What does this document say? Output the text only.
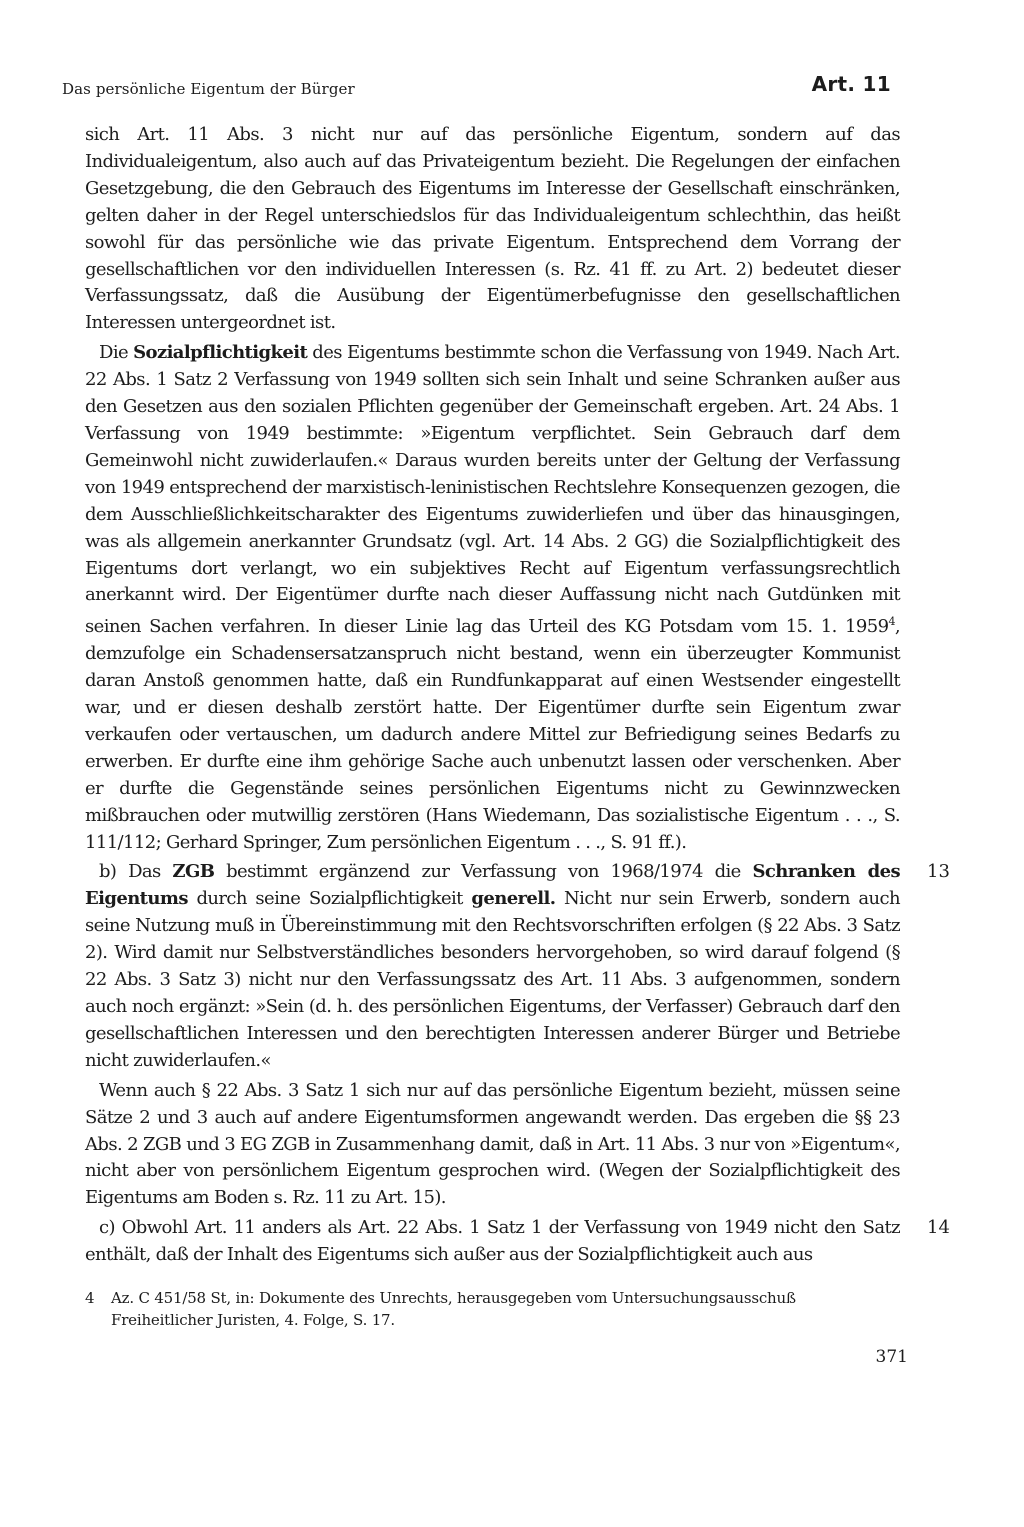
Das persönliche Eigentum der Bürger	Art. 11

sich Art. 11 Abs. 3 nicht nur auf das persönliche Eigentum, sondern auf das Individualeigentum, also auch auf das Privateigentum bezieht. Die Regelungen der einfachen Gesetzgebung, die den Gebrauch des Eigentums im Interesse der Gesellschaft einschränken, gelten daher in der Regel unterschiedslos für das Individualeigentum schlechthin, das heißt sowohl für das persönliche wie das private Eigentum. Entsprechend dem Vorrang der gesellschaftlichen vor den individuellen Interessen (s. Rz. 41 ff. zu Art. 2) bedeutet dieser Verfassungssatz, daß die Ausübung der Eigentümerbefugnisse den gesellschaftlichen Interessen untergeordnet ist.

Die Sozialpflichtigkeit des Eigentums bestimmte schon die Verfassung von 1949. Nach Art. 22 Abs. 1 Satz 2 Verfassung von 1949 sollten sich sein Inhalt und seine Schranken außer aus den Gesetzen aus den sozialen Pflichten gegenüber der Gemeinschaft ergeben. Art. 24 Abs. 1 Verfassung von 1949 bestimmte: »Eigentum verpflichtet. Sein Gebrauch darf dem Gemeinwohl nicht zuwiderlaufen.« Daraus wurden bereits unter der Geltung der Verfassung von 1949 entsprechend der marxistisch-leninistischen Rechtslehre Konsequenzen gezogen, die dem Ausschließlichkeitscharakter des Eigentums zuwiderliefen und über das hinausgingen, was als allgemein anerkannter Grundsatz (vgl. Art. 14 Abs. 2 GG) die Sozialpflichtigkeit des Eigentums dort verlangt, wo ein subjektives Recht auf Eigentum verfassungsrechtlich anerkannt wird. Der Eigentümer durfte nach dieser Auffassung nicht nach Gutdünken mit seinen Sachen verfahren. In dieser Linie lag das Urteil des KG Potsdam vom 15. 1. 1959$^4$, demzufolge ein Schadensersatzanspruch nicht bestand, wenn ein überzeugter Kommunist daran Anstoß genommen hatte, daß ein Rundfunkapparat auf einen Westsender eingestellt war, und er diesen deshalb zerstört hatte. Der Eigentümer durfte sein Eigentum zwar verkaufen oder vertauschen, um dadurch andere Mittel zur Befriedigung seines Bedarfs zu erwerben. Er durfte eine ihm gehörige Sache auch unbenutzt lassen oder verschenken. Aber er durfte die Gegenstände seines persönlichen Eigentums nicht zu Gewinnzwecken mißbrauchen oder mutwillig zerstören (Hans Wiedemann, Das sozialistische Eigentum . . ., S. 111/112; Gerhard Springer, Zum persönlichen Eigentum . . ., S. 91 ff.).

13
b) Das ZGB bestimmt ergänzend zur Verfassung von 1968/1974 die Schranken des Eigentums durch seine Sozialpflichtigkeit generell. Nicht nur sein Erwerb, sondern auch seine Nutzung muß in Übereinstimmung mit den Rechtsvorschriften erfolgen (§ 22 Abs. 3 Satz 2). Wird damit nur Selbstverständliches besonders hervorgehoben, so wird darauf folgend (§ 22 Abs. 3 Satz 3) nicht nur den Verfassungssatz des Art. 11 Abs. 3 aufgenommen, sondern auch noch ergänzt: »Sein (d. h. des persönlichen Eigentums, der Verfasser) Gebrauch darf den gesellschaftlichen Interessen und den berechtigten Interessen anderer Bürger und Betriebe nicht zuwiderlaufen.«

Wenn auch § 22 Abs. 3 Satz 1 sich nur auf das persönliche Eigentum bezieht, müssen seine Sätze 2 und 3 auch auf andere Eigentumsformen angewandt werden. Das ergeben die §§ 23 Abs. 2 ZGB und 3 EG ZGB in Zusammenhang damit, daß in Art. 11 Abs. 3 nur von »Eigentum«, nicht aber von persönlichem Eigentum gesprochen wird. (Wegen der Sozialpflichtigkeit des Eigentums am Boden s. Rz. 11 zu Art. 15).

14
c) Obwohl Art. 11 anders als Art. 22 Abs. 1 Satz 1 der Verfassung von 1949 nicht den Satz enthält, daß der Inhalt des Eigentums sich außer aus der Sozialpflichtigkeit auch aus

4 Az. C 451/58 St, in: Dokumente des Unrechts, herausgegeben vom Untersuchungsausschuß Freiheitlicher Juristen, 4. Folge, S. 17.
371
